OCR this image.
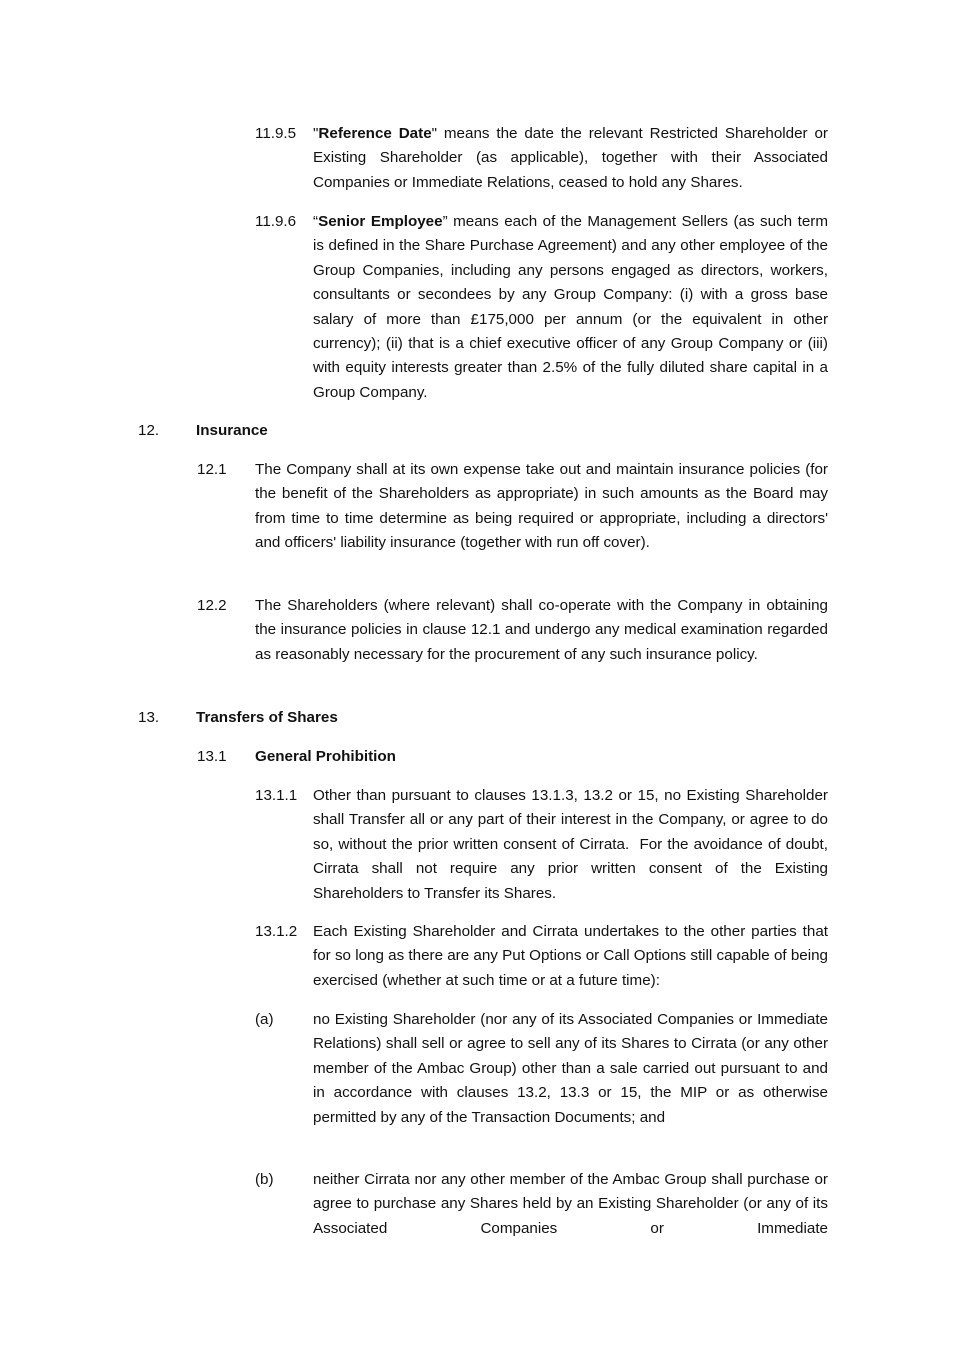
11.9.5 "Reference Date" means the date the relevant Restricted Shareholder or Existing Shareholder (as applicable), together with their Associated Companies or Immediate Relations, ceased to hold any Shares.
11.9.6 “Senior Employee” means each of the Management Sellers (as such term is defined in the Share Purchase Agreement) and any other employee of the Group Companies, including any persons engaged as directors, workers, consultants or secondees by any Group Company: (i) with a gross base salary of more than £175,000 per annum (or the equivalent in other currency); (ii) that is a chief executive officer of any Group Company or (iii) with equity interests greater than 2.5% of the fully diluted share capital in a Group Company.
12. Insurance
12.1 The Company shall at its own expense take out and maintain insurance policies (for the benefit of the Shareholders as appropriate) in such amounts as the Board may from time to time determine as being required or appropriate, including a directors' and officers' liability insurance (together with run off cover).
12.2 The Shareholders (where relevant) shall co-operate with the Company in obtaining the insurance policies in clause 12.1 and undergo any medical examination regarded as reasonably necessary for the procurement of any such insurance policy.
13. Transfers of Shares
13.1 General Prohibition
13.1.1 Other than pursuant to clauses 13.1.3, 13.2 or 15, no Existing Shareholder shall Transfer all or any part of their interest in the Company, or agree to do so, without the prior written consent of Cirrata.  For the avoidance of doubt, Cirrata shall not require any prior written consent of the Existing Shareholders to Transfer its Shares.
13.1.2 Each Existing Shareholder and Cirrata undertakes to the other parties that for so long as there are any Put Options or Call Options still capable of being exercised (whether at such time or at a future time):
(a)	no Existing Shareholder (nor any of its Associated Companies or Immediate Relations) shall sell or agree to sell any of its Shares to Cirrata (or any other member of the Ambac Group) other than a sale carried out pursuant to and in accordance with clauses 13.2, 13.3 or 15, the MIP or as otherwise  permitted by any of the Transaction Documents; and
(b)	neither Cirrata nor any other member of the Ambac Group shall purchase or agree to purchase any Shares held by an Existing Shareholder (or any of its Associated Companies or Immediate
